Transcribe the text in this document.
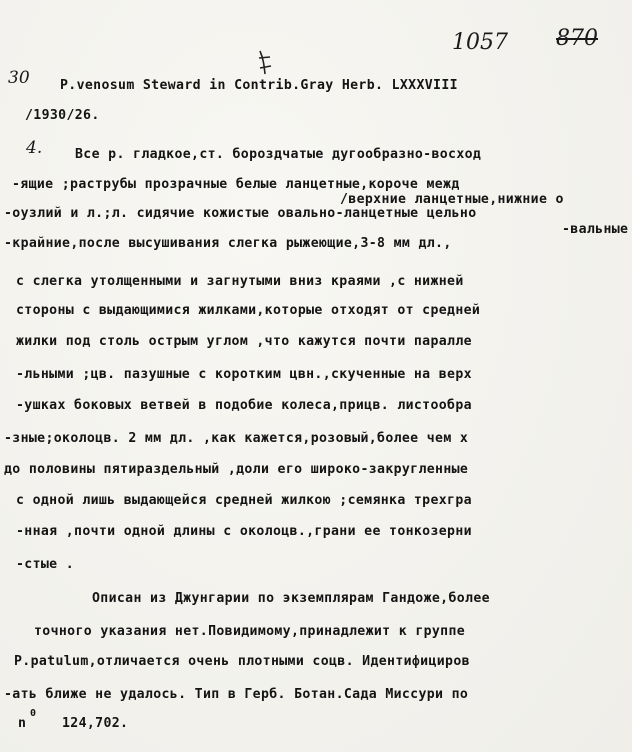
1057 870
30
4.
P.venosum Steward in Contrib.Gray Herb. LXXXVIII
/1930/26.
Все р. гладкое,ст. бороздчатые дугообразно-восход
-ящие ;раструбы прозрачные белые ланцетные,короче межд
/верхние ланцетные,нижние о
-оузлий и л.;л. сидячие кожистые овально-ланцетные цельно
-вальные
-крайние,после высушивания слегка рыжеющие,3-8 мм дл.,
с слегка утолщенными и загнутыми вниз краями ,с нижней
стороны с выдающимися жилками,которые отходят от средней
жилки под столь острым углом ,что кажутся почти паралле
-льными ;цв. пазушные с коротким цвн.,скученные на верх
-ушках боковых ветвей в подобие колеса,прицв. листообра
-зные;околоцв. 2 мм дл. ,как кажется,розовый,более чем х
до половины пятираздельный ,доли его широко-закругленные
с одной лишь выдающейся средней жилкою ;семянка трехгра
-нная ,почти одной длины с околоцв.,грани ее тонкозерни
-стые .
Описан из Джунгарии по экземплярам Гандоже,более
точного указания нет.Повидимому,принадлежит к группе
P.patulum,отличается очень плотными соцв. Идентифициров
-ать ближе не удалось. Тип в Герб. Ботан.Сада Миссури по
n
0
124,702.
